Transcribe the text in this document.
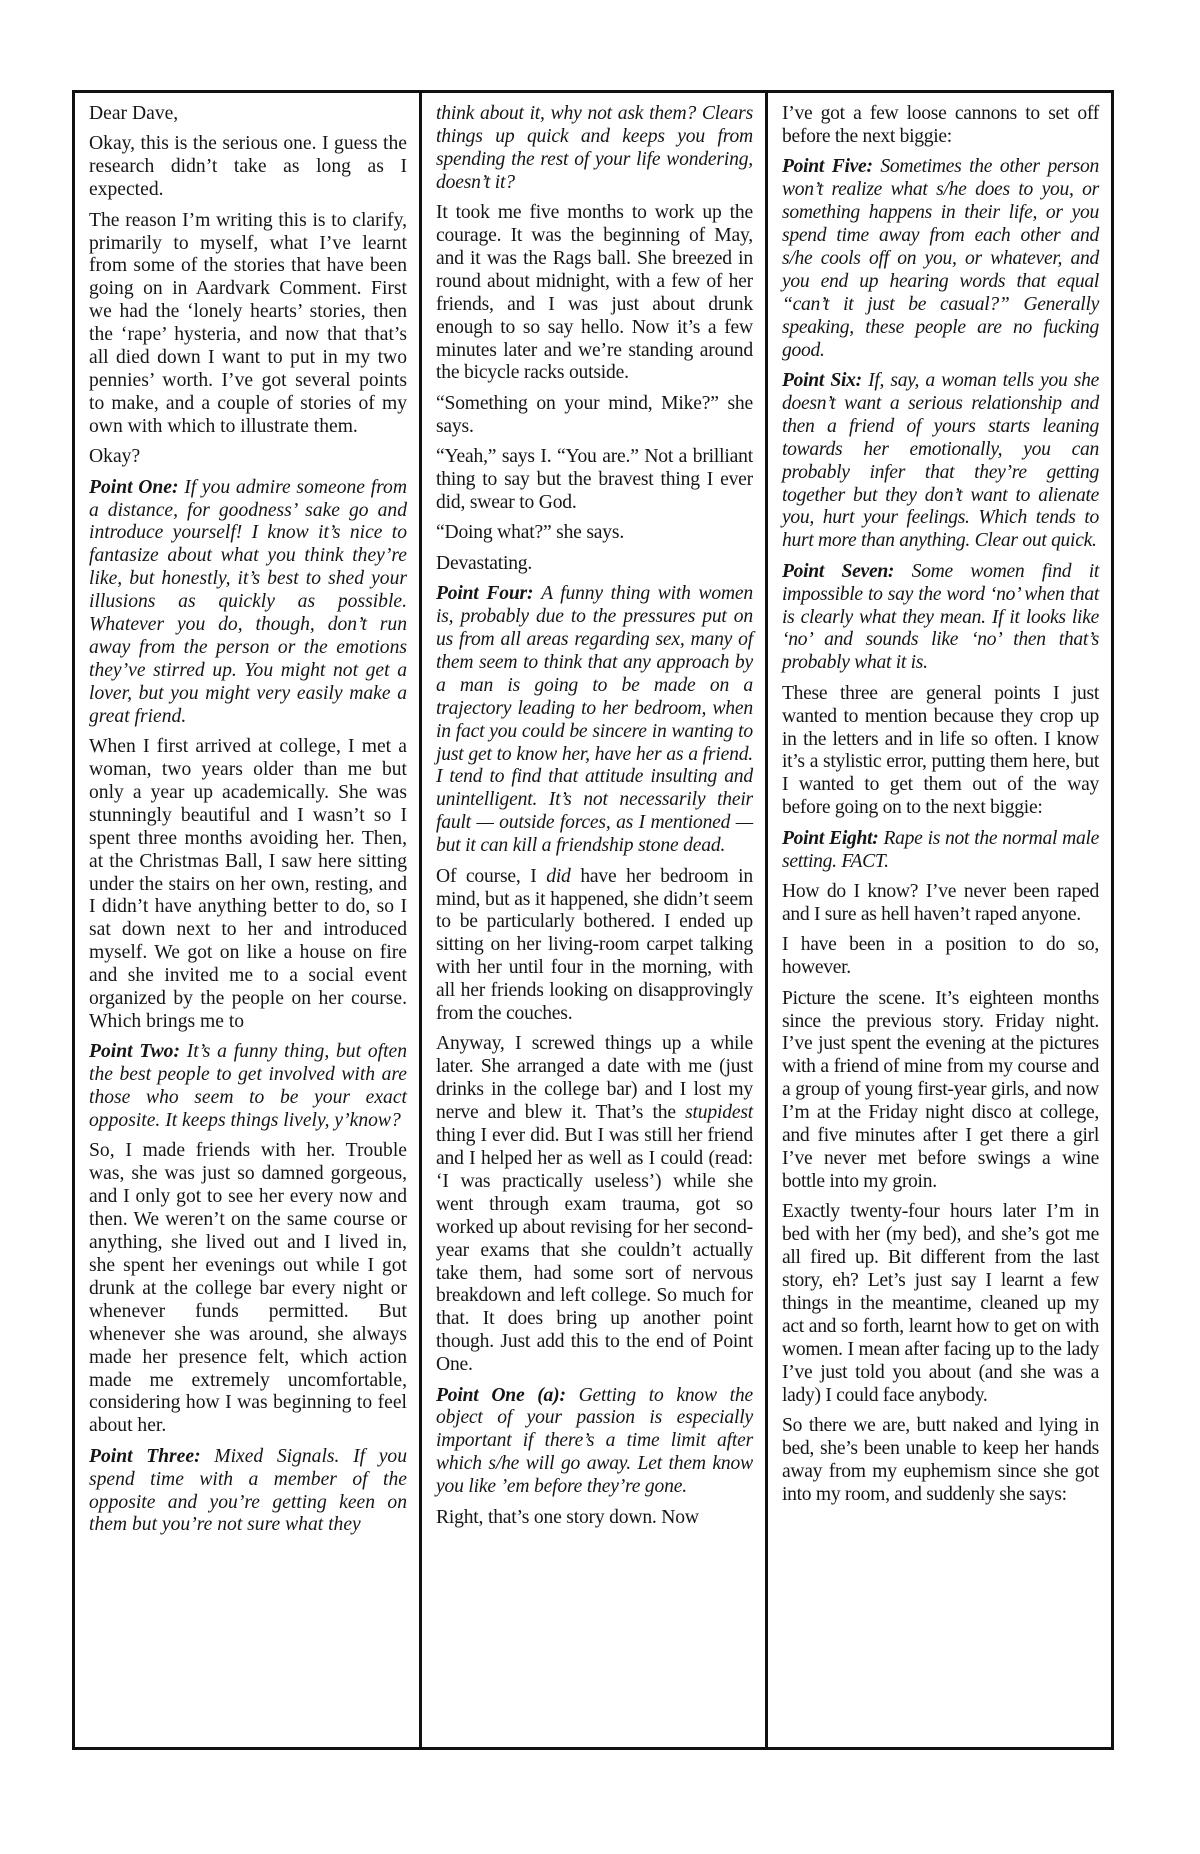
Dear Dave,

Okay, this is the serious one. I guess the research didn’t take as long as I expected.

The reason I’m writing this is to clarify, primarily to myself, what I’ve learnt from some of the stories that have been going on in Aardvark Comment. First we had the ‘lonely hearts’ stories, then the ‘rape’ hysteria, and now that that’s all died down I want to put in my two pennies’ worth. I’ve got several points to make, and a couple of stories of my own with which to illustrate them.

Okay?

Point One: If you admire someone from a distance, for goodness’ sake go and introduce yourself! I know it’s nice to fantasize about what you think they’re like, but honestly, it’s best to shed your illusions as quickly as possible. Whatever you do, though, don’t run away from the person or the emotions they’ve stirred up. You might not get a lover, but you might very easily make a great friend.

When I first arrived at college, I met a woman, two years older than me but only a year up academically. She was stunningly beautiful and I wasn’t so I spent three months avoiding her. Then, at the Christmas Ball, I saw here sitting under the stairs on her own, resting, and I didn’t have anything better to do, so I sat down next to her and introduced myself. We got on like a house on fire and she invited me to a social event organized by the people on her course. Which brings me to

Point Two: It’s a funny thing, but often the best people to get involved with are those who seem to be your exact opposite. It keeps things lively, y’know?

So, I made friends with her. Trouble was, she was just so damned gorgeous, and I only got to see her every now and then. We weren’t on the same course or anything, she lived out and I lived in, she spent her evenings out while I got drunk at the college bar every night or whenever funds permitted. But whenever she was around, she always made her presence felt, which action made me extremely uncomfortable, considering how I was beginning to feel about her.

Point Three: Mixed Signals. If you spend time with a member of the opposite and you’re getting keen on them but you’re not sure what they

think about it, why not ask them? Clears things up quick and keeps you from spending the rest of your life wondering, doesn’t it?

It took me five months to work up the courage. It was the beginning of May, and it was the Rags ball. She breezed in round about midnight, with a few of her friends, and I was just about drunk enough to so say hello. Now it’s a few minutes later and we’re standing around the bicycle racks outside.

“Something on your mind, Mike?” she says.

“Yeah,” says I. “You are.” Not a brilliant thing to say but the bravest thing I ever did, swear to God.

“Doing what?” she says.

Devastating.

Point Four: A funny thing with women is, probably due to the pressures put on us from all areas regarding sex, many of them seem to think that any approach by a man is going to be made on a trajectory leading to her bedroom, when in fact you could be sincere in wanting to just get to know her, have her as a friend. I tend to find that attitude insulting and unintelligent. It’s not necessarily their fault — outside forces, as I mentioned — but it can kill a friendship stone dead.

Of course, I did have her bedroom in mind, but as it happened, she didn’t seem to be particularly bothered. I ended up sitting on her living-room carpet talking with her until four in the morning, with all her friends looking on disapprovingly from the couches.

Anyway, I screwed things up a while later. She arranged a date with me (just drinks in the college bar) and I lost my nerve and blew it. That’s the stupidest thing I ever did. But I was still her friend and I helped her as well as I could (read: ‘I was practically useless’) while she went through exam trauma, got so worked up about revising for her second-year exams that she couldn’t actually take them, had some sort of nervous breakdown and left college. So much for that. It does bring up another point though. Just add this to the end of Point One.

Point One (a): Getting to know the object of your passion is especially important if there’s a time limit after which s/he will go away. Let them know you like ’em before they’re gone.

Right, that’s one story down. Now

I’ve got a few loose cannons to set off before the next biggie:

Point Five: Sometimes the other person won’t realize what s/he does to you, or something happens in their life, or you spend time away from each other and s/he cools off on you, or whatever, and you end up hearing words that equal “can’t it just be casual?” Generally speaking, these people are no fucking good.

Point Six: If, say, a woman tells you she doesn’t want a serious relationship and then a friend of yours starts leaning towards her emotionally, you can probably infer that they’re getting together but they don’t want to alienate you, hurt your feelings. Which tends to hurt more than anything. Clear out quick.

Point Seven: Some women find it impossible to say the word ‘no’ when that is clearly what they mean. If it looks like ‘no’ and sounds like ‘no’ then that’s probably what it is.

These three are general points I just wanted to mention because they crop up in the letters and in life so often. I know it’s a stylistic error, putting them here, but I wanted to get them out of the way before going on to the next biggie:

Point Eight: Rape is not the normal male setting. FACT.

How do I know? I’ve never been raped and I sure as hell haven’t raped anyone.

I have been in a position to do so, however.

Picture the scene. It’s eighteen months since the previous story. Friday night. I’ve just spent the evening at the pictures with a friend of mine from my course and a group of young first-year girls, and now I’m at the Friday night disco at college, and five minutes after I get there a girl I’ve never met before swings a wine bottle into my groin.

Exactly twenty-four hours later I’m in bed with her (my bed), and she’s got me all fired up. Bit different from the last story, eh? Let’s just say I learnt a few things in the meantime, cleaned up my act and so forth, learnt how to get on with women. I mean after facing up to the lady I’ve just told you about (and she was a lady) I could face anybody.

So there we are, butt naked and lying in bed, she’s been unable to keep her hands away from my euphemism since she got into my room, and suddenly she says:
